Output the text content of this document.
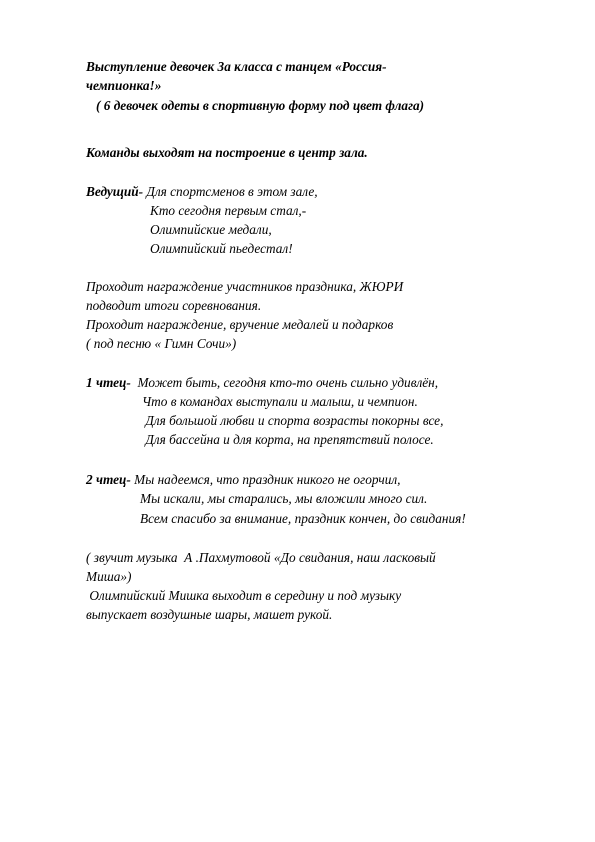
Выступление девочек 3а класса с танцем «Россия-
чемпионка!»
( 6 девочек одеты в спортивную форму под цвет флага)
Команды выходят на построение в центр зала.
Ведущий- Для спортсменов в этом зале,
Кто сегодня первым стал,-
Олимпийские медали,
Олимпийский пьедестал!
Проходит награждение участников праздника, ЖЮРИ
подводит итоги соревнования.
Проходит награждение, вручение медалей и подарков
( под песню « Гимн Сочи»)
1 чтец-  Может быть, сегодня кто-то очень сильно удивлён,
Что в командах выступали и малыш, и чемпион.
Для большой любви и спорта возрасты покорны все,
Для бассейна и для корта, на препятствий полосе.
2 чтец- Мы надеемся, что праздник никого не огорчил,
Мы искали, мы старались, мы вложили много сил.
Всем спасибо за внимание, праздник кончен, до свидания!
( звучит музыка  А .Пахмутовой «До свидания, наш ласковый
Миша»)
Олимпийский Мишка выходит в середину и под музыку
выпускает воздушные шары, машет рукой.
